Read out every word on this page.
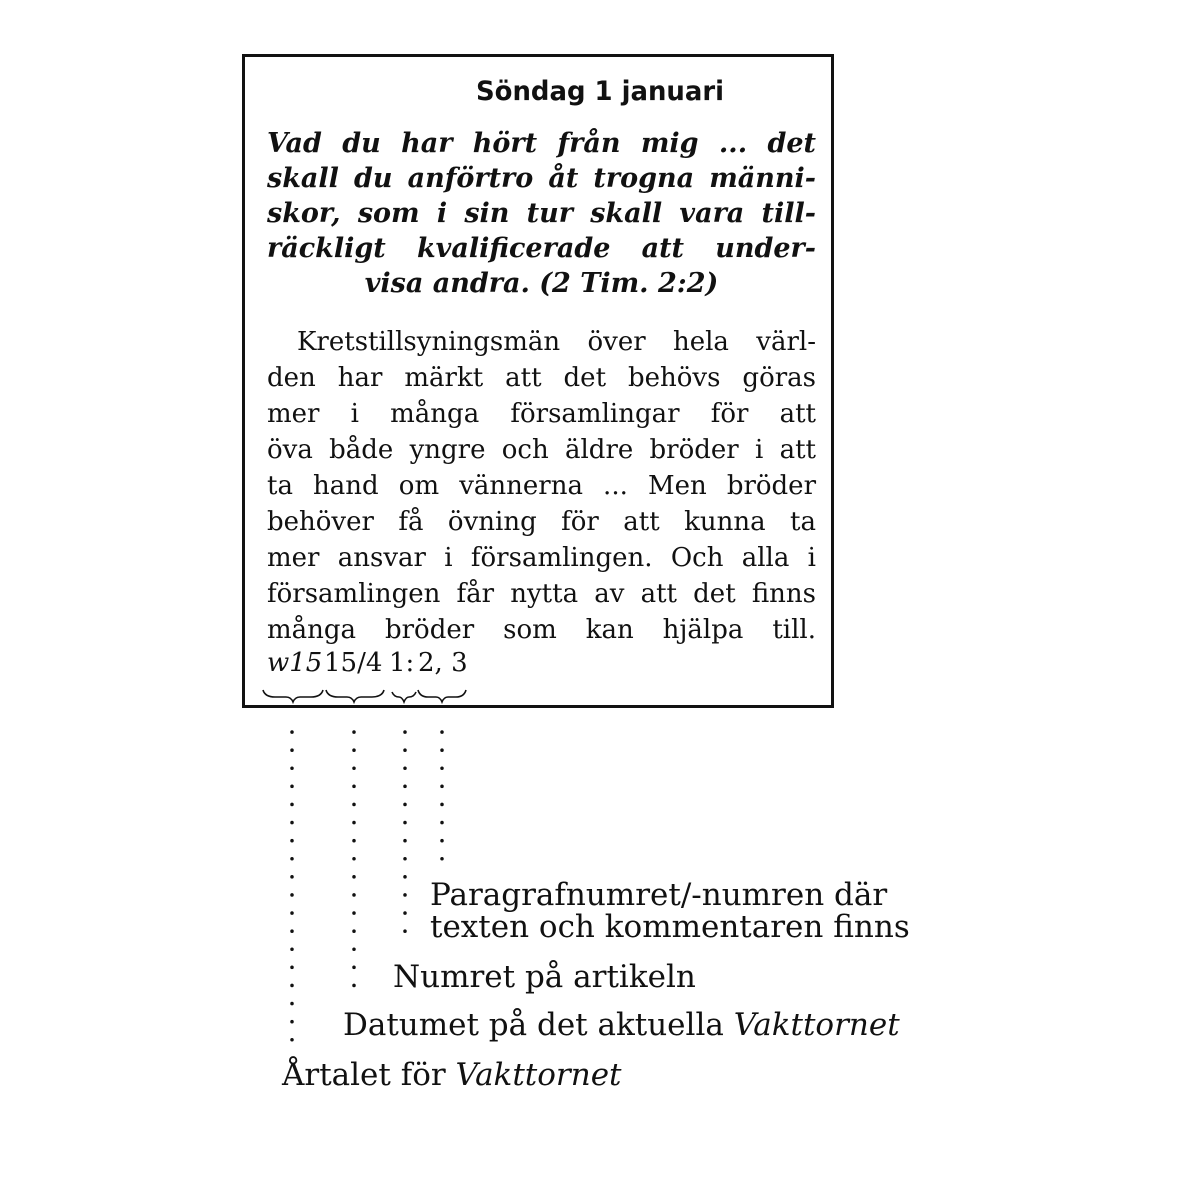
Söndag 1 januari
Vad du har hört från mig ... det
skall du anförtro åt trogna männi-
skor, som i sin tur skall vara till-
räckligt kvalificerade att under-
visa andra. (2 Tim. 2:2)
Kretstillsyningsmän över hela värl-
den har märkt att det behövs göras
mer i många församlingar för att
öva både yngre och äldre bröder i att
ta hand om vännerna ... Men bröder
behöver få övning för att kunna ta
mer ansvar i församlingen. Och alla i
församlingen får nytta av att det finns
många bröder som kan hjälpa till.
w15 15/4 1: 2, 3
Paragrafnumret/-numren där
texten och kommentaren finns
Numret på artikeln
Datumet på det aktuella Vakttornet
Årtalet för Vakttornet
